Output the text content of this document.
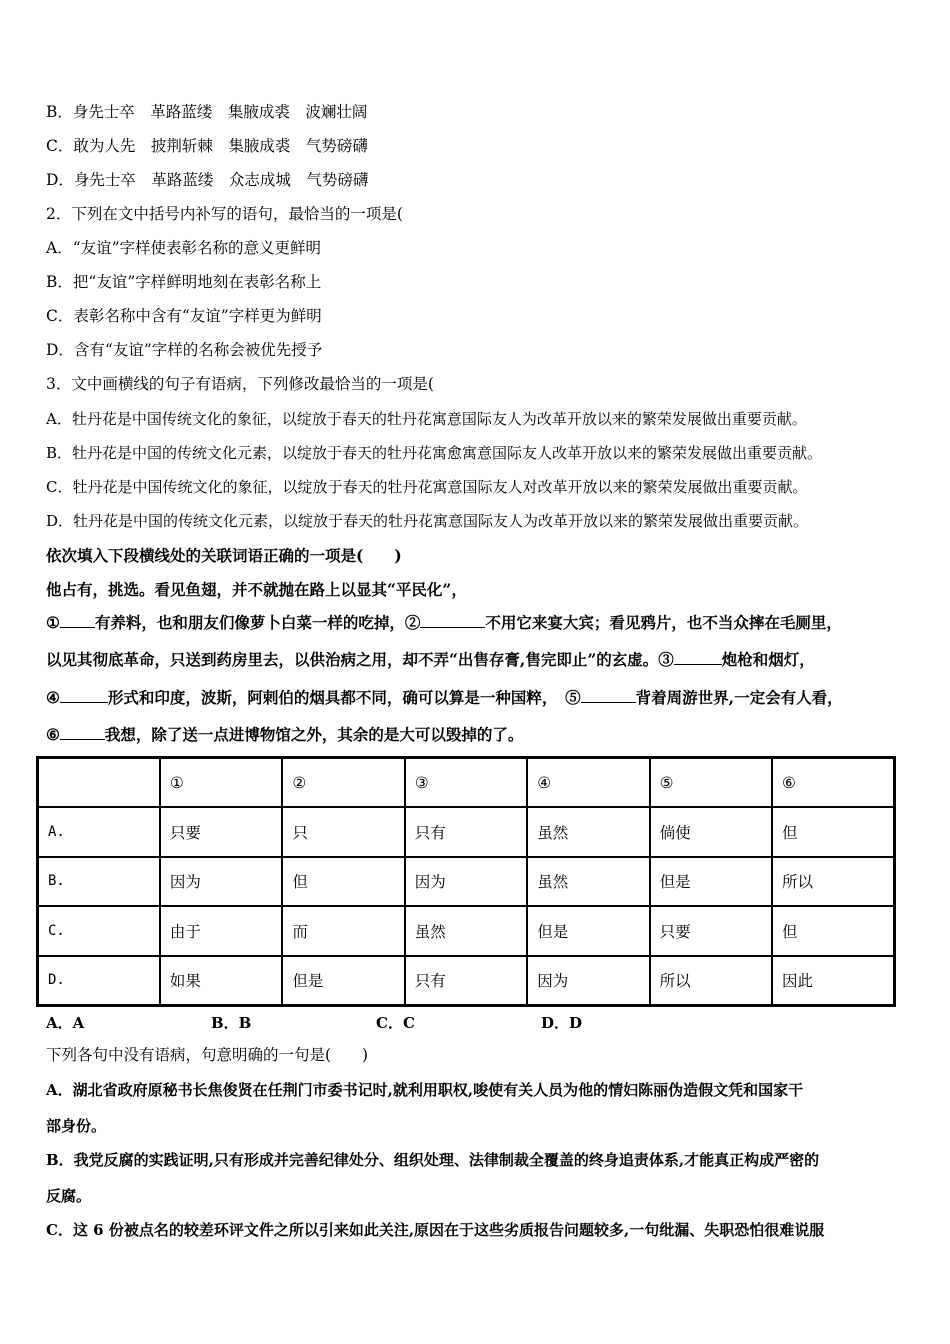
B．身先士卒　革路蓝缕　集腋成裘　波斓壮阔
C．敢为人先　披荆斩棘　集腋成裘　气势磅礴
D．身先士卒　革路蓝缕　众志成城　气势磅礴
2．下列在文中括号内补写的语句，最恰当的一项是(
A．“友谊”字样使表彰名称的意义更鲜明
B．把“友谊”字样鲜明地刻在表彰名称上
C．表彰名称中含有“友谊”字样更为鲜明
D．含有“友谊”字样的名称会被优先授予
3．文中画横线的句子有语病，下列修改最恰当的一项是(
A．牡丹花是中国传统文化的象征，以绽放于春天的牡丹花寓意国际友人为改革开放以来的繁荣发展做出重要贡献。
B．牡丹花是中国的传统文化元素，以绽放于春天的牡丹花寓愈寓意国际友人改革开放以来的繁荣发展做出重要贡献。
C．牡丹花是中国传统文化的象征，以绽放于春天的牡丹花寓意国际友人对改革开放以来的繁荣发展做出重要贡献。
D．牡丹花是中国的传统文化元素，以绽放于春天的牡丹花寓意国际友人为改革开放以来的繁荣发展做出重要贡献。
依次填入下段横线处的关联词语正确的一项是(　　)
他占有，挑选。看见鱼翅，并不就抛在路上以显其“平民化”，
① 有养料，也和朋友们像萝卜白菜一样的吃掉，②	不用它来宴大宾；看见鸦片，也不当众摔在毛厕里，
以见其彻底革命，只送到药房里去，以供治病之用，却不弄“出售存膏,售完即止”的玄虚。③	炮枪和烟灯，
④	形式和印度，波斯，阿剌伯的烟具都不同，确可以算是一种国粹，　⑤	背着周游世界,一定会有人看，
⑥	我想，除了送一点进博物馆之外，其余的是大可以毁掉的了。
	①	②	③	④	⑤	⑥
A.	只要	只	只有	虽然	倘使	但
B.	因为	但	因为	虽然	但是	所以
C.	由于	而	虽然	但是	只要	但
D.	如果	但是	只有	因为	所以	因此
A．A	B．B	C．C	D．D
下列各句中没有语病，句意明确的一句是(　　)
A．湖北省政府原秘书长焦俊贤在任荆门市委书记时,就利用职权,唆使有关人员为他的情妇陈丽伪造假文凭和国家干
部身份。
B．我党反腐的实践证明,只有形成并完善纪律处分、组织处理、法律制裁全覆盖的终身追责体系,才能真正构成严密的
反腐。
C．这 6 份被点名的较差环评文件之所以引来如此关注,原因在于这些劣质报告问题较多,一句纰漏、失职恐怕很难说服
